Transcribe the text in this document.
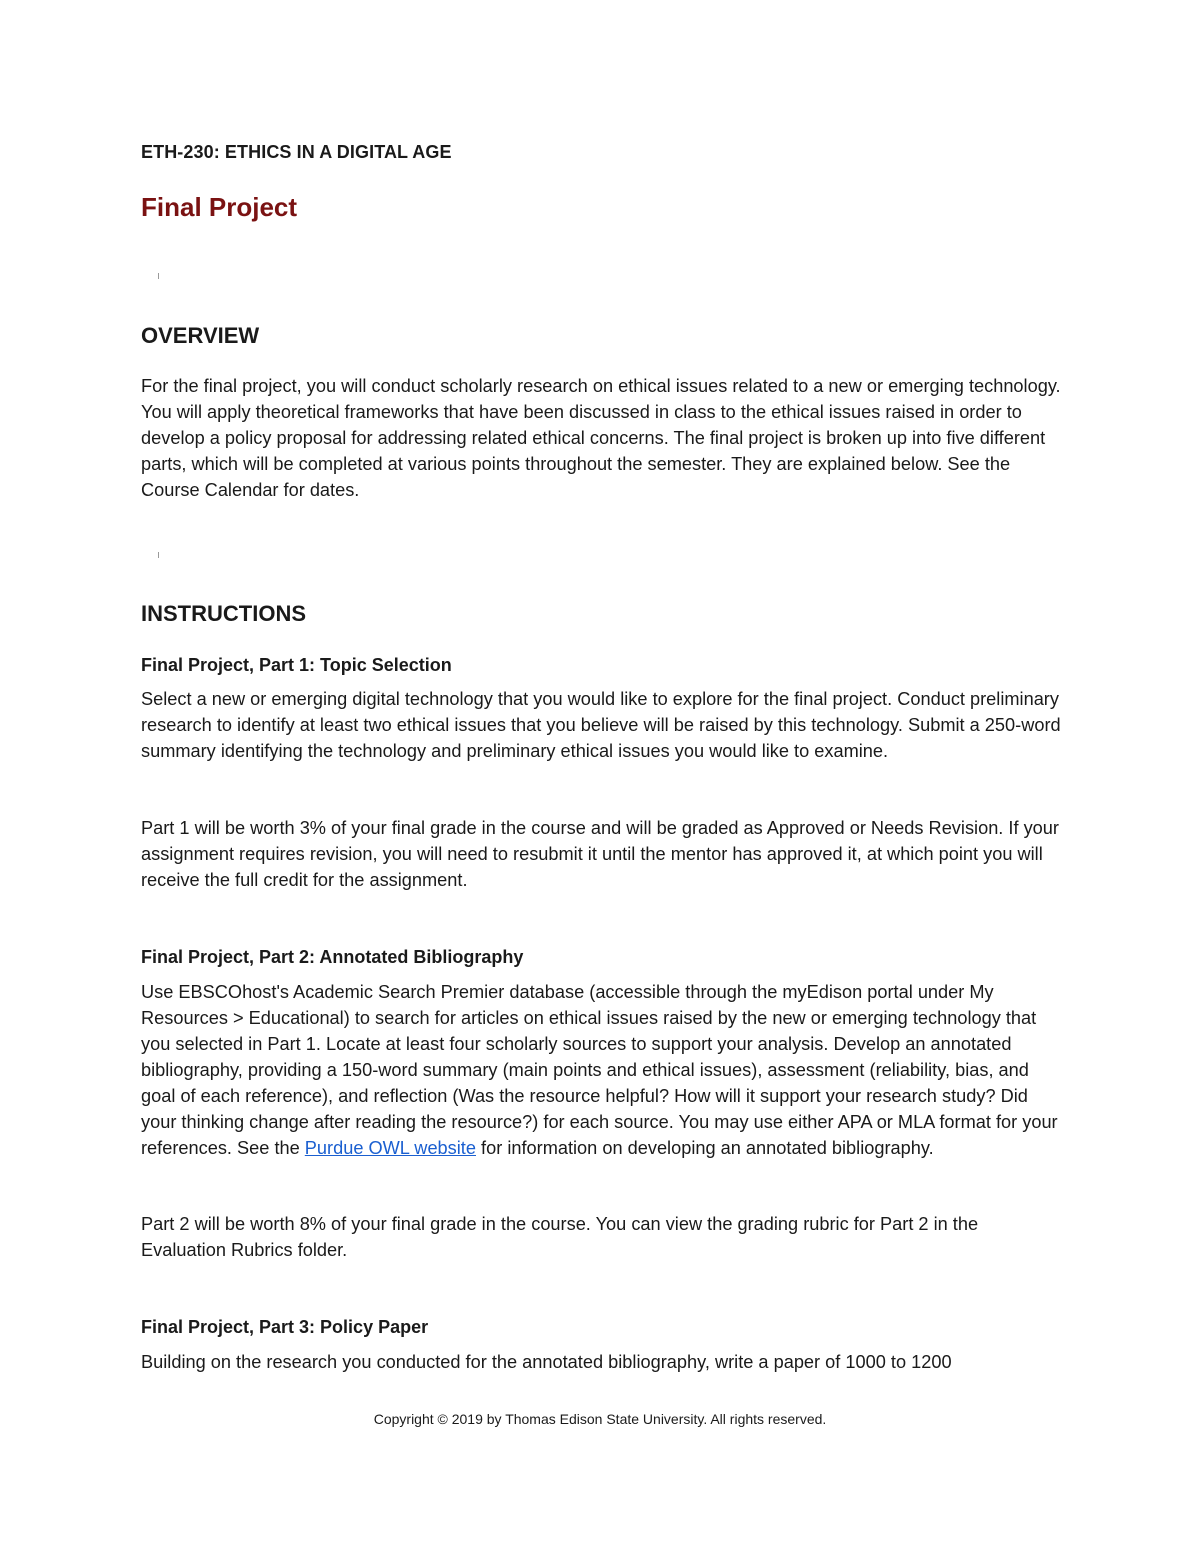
ETH-230: ETHICS IN A DIGITAL AGE
Final Project
OVERVIEW

For the final project, you will conduct scholarly research on ethical issues related to a new or emerging technology. You will apply theoretical frameworks that have been discussed in class to the ethical issues raised in order to develop a policy proposal for addressing related ethical concerns. The final project is broken up into five different parts, which will be completed at various points throughout the semester. They are explained below. See the Course Calendar for dates.

INSTRUCTIONS
Final Project, Part 1: Topic Selection

Select a new or emerging digital technology that you would like to explore for the final project. Conduct preliminary research to identify at least two ethical issues that you believe will be raised by this technology. Submit a 250-word summary identifying the technology and preliminary ethical issues you would like to examine.

Part 1 will be worth 3% of your final grade in the course and will be graded as Approved or Needs Revision. If your assignment requires revision, you will need to resubmit it until the mentor has approved it, at which point you will receive the full credit for the assignment.

Final Project, Part 2: Annotated Bibliography

Use EBSCOhost's Academic Search Premier database (accessible through the myEdison portal under My Resources > Educational) to search for articles on ethical issues raised by the new or emerging technology that you selected in Part 1. Locate at least four scholarly sources to support your analysis. Develop an annotated bibliography, providing a 150-word summary (main points and ethical issues), assessment (reliability, bias, and goal of each reference), and reflection (Was the resource helpful? How will it support your research study? Did your thinking change after reading the resource?) for each source. You may use either APA or MLA format for your references. See the Purdue OWL website for information on developing an annotated bibliography.

Part 2 will be worth 8% of your final grade in the course. You can view the grading rubric for Part 2 in the Evaluation Rubrics folder.

Final Project, Part 3: Policy Paper

Building on the research you conducted for the annotated bibliography, write a paper of 1000 to 1200

Copyright © 2019 by Thomas Edison State University. All rights reserved.
